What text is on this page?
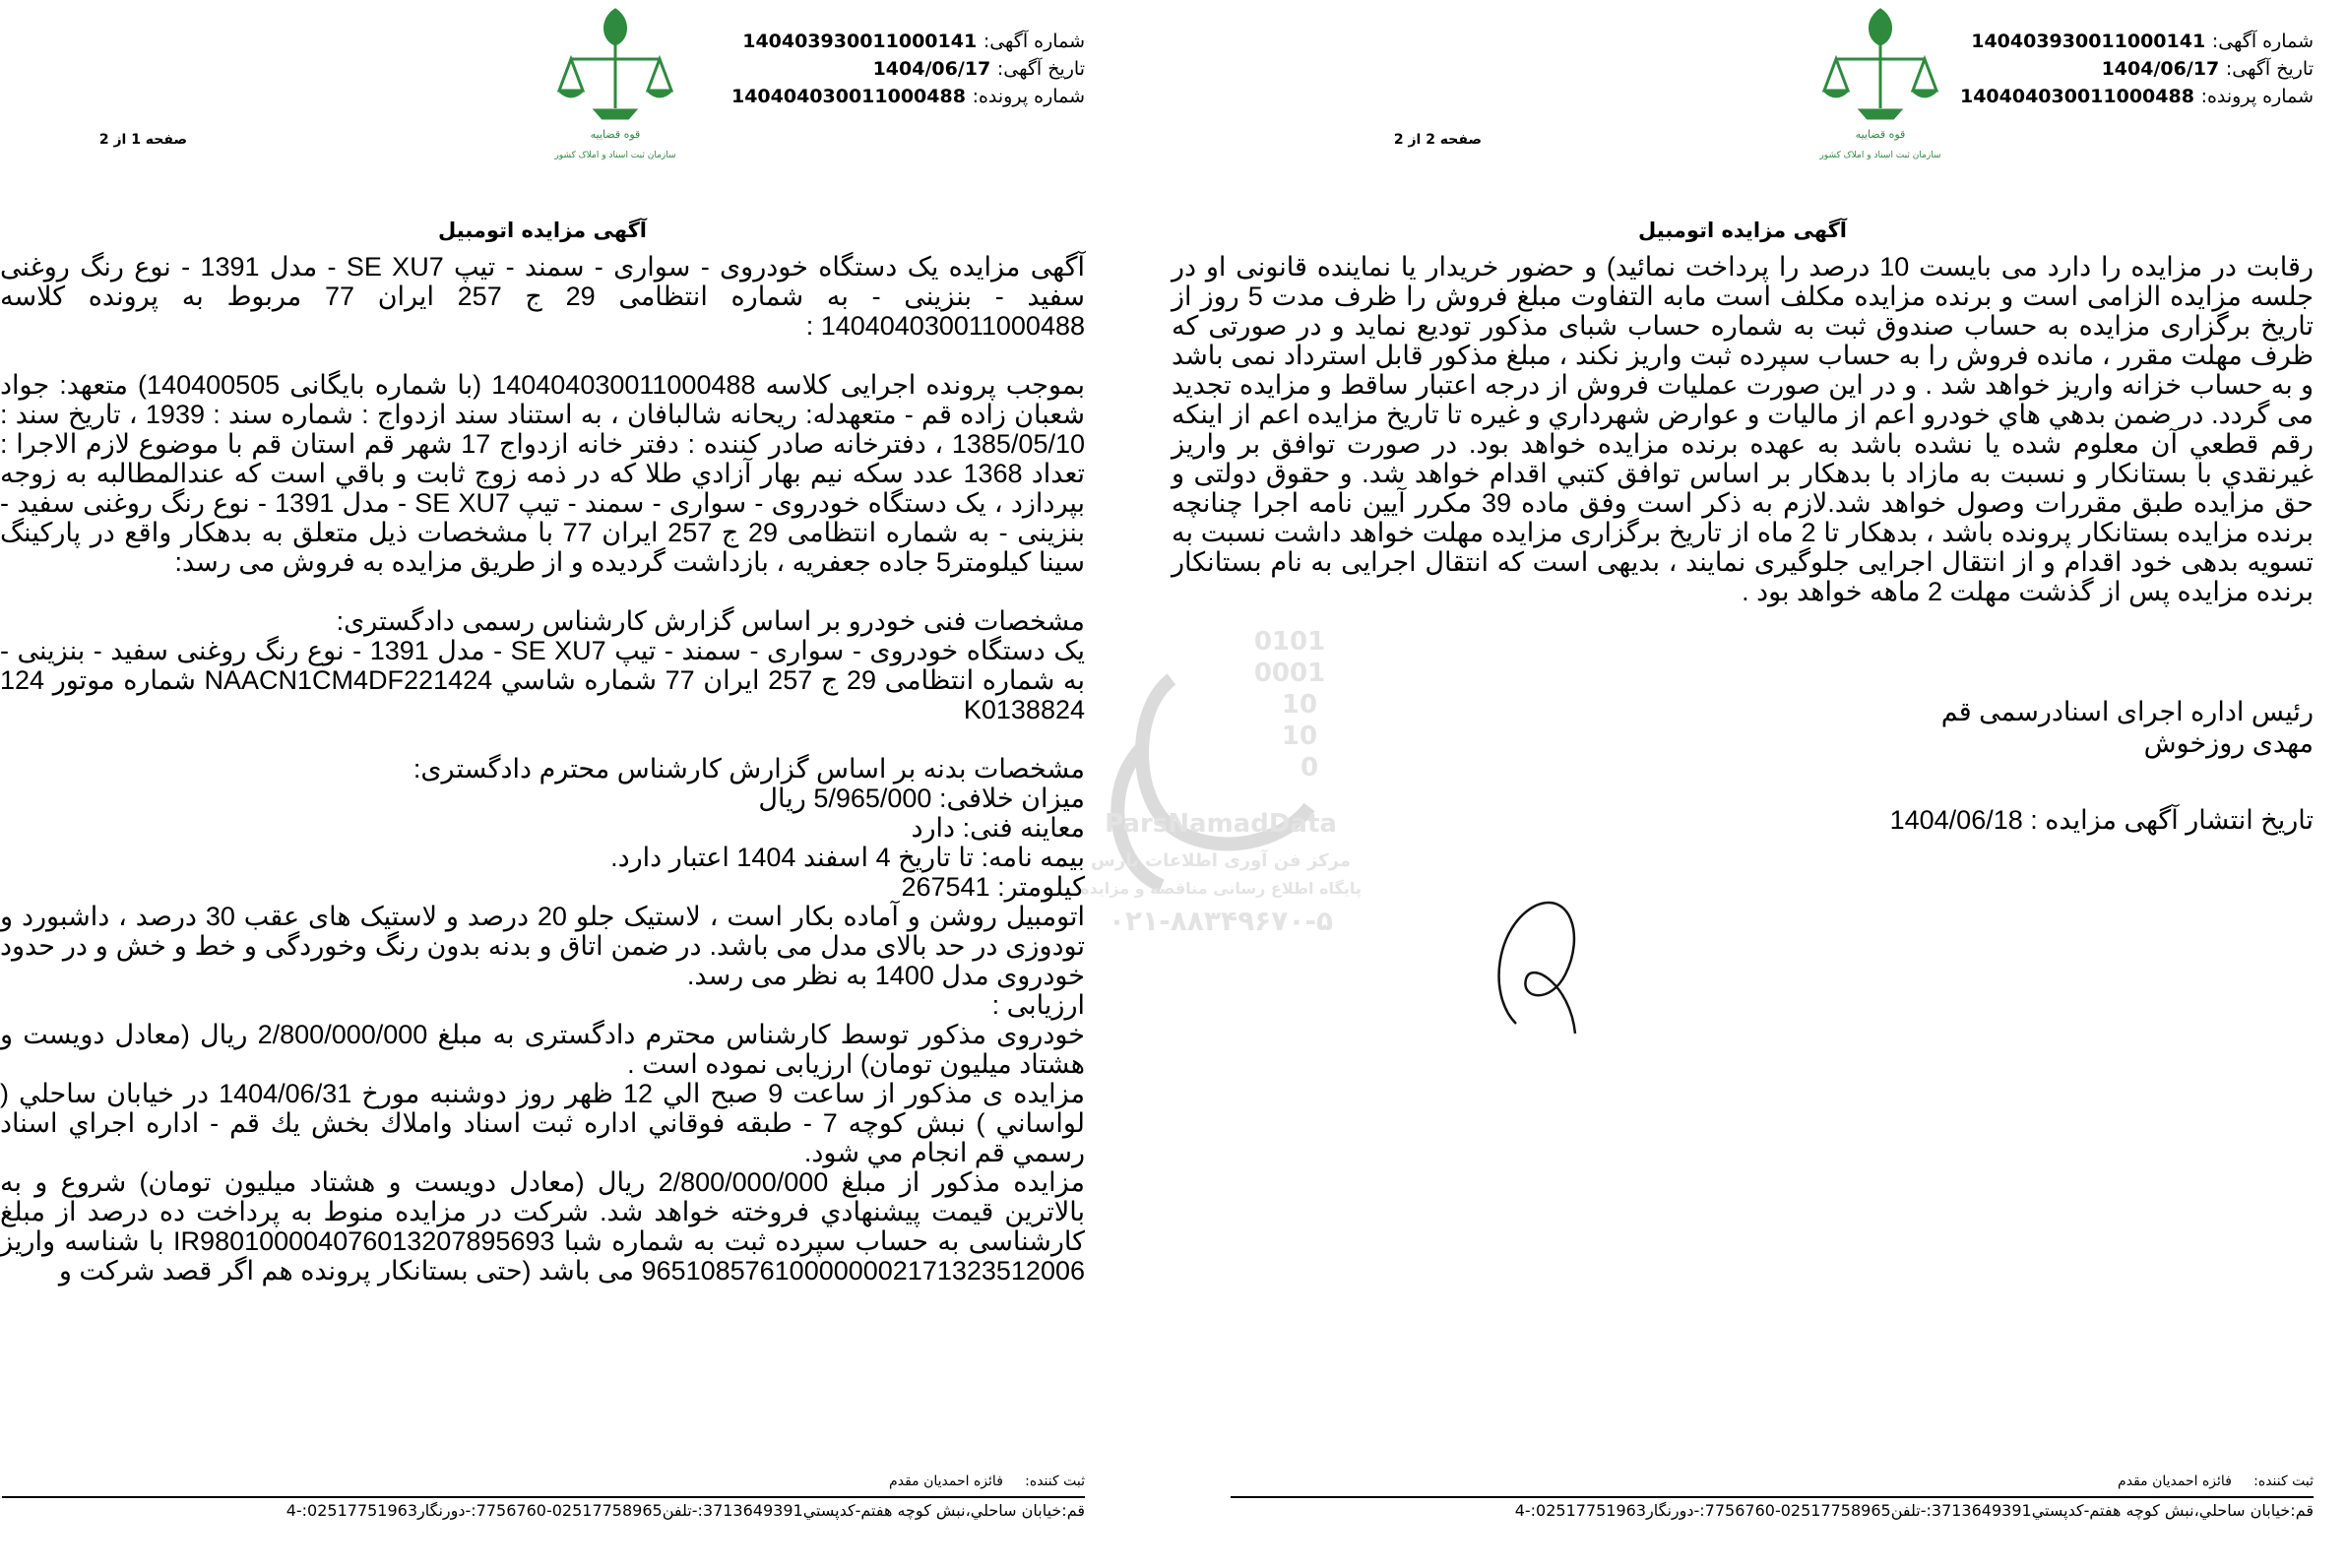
شماره آگهی: 140403930011000141
تاریخ آگهی: 1404/06/17
شماره پرونده: 140404030011000488
قوه قضاییه
سازمان ثبت اسناد و املاک کشور
صفحه 2 از 2
آگهی مزایده اتومبیل

رقابت در مزایده را دارد می بایست 10 درصد را پرداخت نمائید) و حضور خریدار یا نماینده قانونی او در جلسه مزایده الزامی است و برنده مزایده مکلف است مابه التفاوت مبلغ فروش را ظرف مدت 5 روز از تاریخ برگزاری مزایده به حساب صندوق ثبت به شماره حساب شبای مذکور تودیع نماید و در صورتی که ظرف مهلت مقرر ، مانده فروش را به حساب سپرده ثبت واریز نکند ، مبلغ مذکور قابل استرداد نمی باشد و به حساب خزانه واریز خواهد شد . و در این صورت عملیات فروش از درجه اعتبار ساقط و مزایده تجدید می گردد. در ضمن بدهي هاي خودرو اعم از ماليات و عوارض شهرداري و غيره تا تاريخ مزايده اعم از اينكه رقم قطعي آن معلوم شده يا نشده باشد به عهده برنده مزايده خواهد بود. در صورت توافق بر واريز غيرنقدي با بستانكار و نسبت به مازاد با بدهكار بر اساس توافق كتبي اقدام خواهد شد. و حقوق دولتی و حق مزایده طبق مقررات وصول خواهد شد.لازم به ذکر است وفق ماده 39 مکرر آیین نامه اجرا چنانچه برنده مزایده بستانکار پرونده باشد ، بدهکار تا 2 ماه از تاریخ برگزاری مزایده مهلت خواهد داشت نسبت به تسویه بدهی خود اقدام و از انتقال اجرایی جلوگیری نمایند ، بدیهی است که انتقال اجرایی به نام بستانکار برنده مزایده پس از گذشت مهلت 2 ماهه خواهد بود .

رئیس اداره اجرای اسنادرسمی قم
مهدی روزخوش
تاریخ انتشار آگهی مزایده : 1404/06/18
ثبت کننده:     فائزه احمدیان مقدم
قم:خیابان ساحلي،نبش کوچه هفتم-کدپستي3713649391:-تلفن02517758965-7756760:-دورنگار02517751963:-4
شماره آگهی: 140403930011000141
تاریخ آگهی: 1404/06/17
شماره پرونده: 140404030011000488
قوه قضاییه
سازمان ثبت اسناد و املاک کشور
صفحه 1 از 2
آگهی مزایده اتومبیل

آگهی مزایده یک دستگاه خودروی - سواری - سمند - تیپ SE XU7 - مدل 1391 - نوع رنگ روغنی سفید - بنزینی - به شماره انتظامی 29 ج 257 ایران 77 مربوط به پرونده کلاسه 140404030011000488 :

بموجب پرونده اجرایی کلاسه 140404030011000488 (با شماره بایگانی 140400505) متعهد: جواد شعبان زاده قم - متعهدله: ریحانه شالبافان ، به استناد سند ازدواج : شماره سند : 1939 ، تاریخ سند : 1385/05/10 ، دفترخانه صادر کننده : دفتر خانه ازدواج 17 شهر قم استان قم با موضوع لازم الاجرا : تعداد 1368 عدد سکه نیم بهار آزادي طلا که در ذمه زوج ثابت و باقي است که عندالمطالبه به زوجه بپردازد ، یک دستگاه خودروی - سواری - سمند - تیپ SE XU7 - مدل 1391 - نوع رنگ روغنی سفید - بنزینی - به شماره انتظامی 29 ج 257 ایران 77 با مشخصات ذیل متعلق به بدهکار واقع در پارکینگ سینا کیلومتر5 جاده جعفریه ، بازداشت گردیده و از طریق مزایده به فروش می رسد:

مشخصات فنی خودرو بر اساس گزارش کارشناس رسمی دادگستری:

یک دستگاه خودروی - سواری - سمند - تیپ SE XU7 - مدل 1391 - نوع رنگ روغنی سفید - بنزینی - به شماره انتظامی 29 ج 257 ایران 77 شماره شاسي NAACN1CM4DF221424 شماره موتور 124 K0138824

مشخصات بدنه بر اساس گزارش کارشناس محترم دادگستری:

میزان خلافی: 5/965/000 ریال

معاینه فنی: دارد

بیمه نامه: تا تاریخ 4 اسفند 1404 اعتبار دارد.

کیلومتر: 267541

اتومبیل روشن و آماده بکار است ، لاستیک جلو 20 درصد و لاستیک های عقب 30 درصد ، داشبورد و تودوزی در حد بالای مدل می باشد. در ضمن اتاق و بدنه بدون رنگ وخوردگی و خط و خش و در حدود خودروی مدل 1400 به نظر می رسد.

ارزیابی :

خودروی مذکور توسط کارشناس محترم دادگستری به مبلغ 2/800/000/000 ریال (معادل دویست و هشتاد میلیون تومان) ارزیابی نموده است .

مزايده ی مذكور از ساعت 9 صبح الي 12 ظهر روز دوشنبه مورخ 1404/06/31 در خيابان ساحلي ( لواساني ) نبش كوچه 7 - طبقه فوقاني اداره ثبت اسناد واملاك بخش يك قم - اداره اجراي اسناد رسمي قم انجام مي شود.

مزایده مذکور از مبلغ 2/800/000/000 ریال (معادل دویست و هشتاد میلیون تومان) شروع و به بالاترین قیمت پیشنهادي فروخته خواهد شد. شرکت در مزایده منوط به پرداخت ده درصد از مبلغ کارشناسی به حساب سپرده ثبت به شماره شبا IR980100004076013207895693 با شناسه واریز 965108576100000002171323512006 می باشد (حتی بستانکار پرونده هم اگر قصد شرکت و

ثبت کننده:     فائزه احمدیان مقدم
قم:خیابان ساحلي،نبش کوچه هفتم-کدپستي3713649391:-تلفن02517758965-7756760:-دورنگار02517751963:-4
0101
0001
10
10
0
ParsNamadData
مرکز فن آوری اطلاعات پارس
پایگاه اطلاع رسانی مناقصه و مزایده
۰۲۱-۸۸۳۴۹۶۷۰-۵
